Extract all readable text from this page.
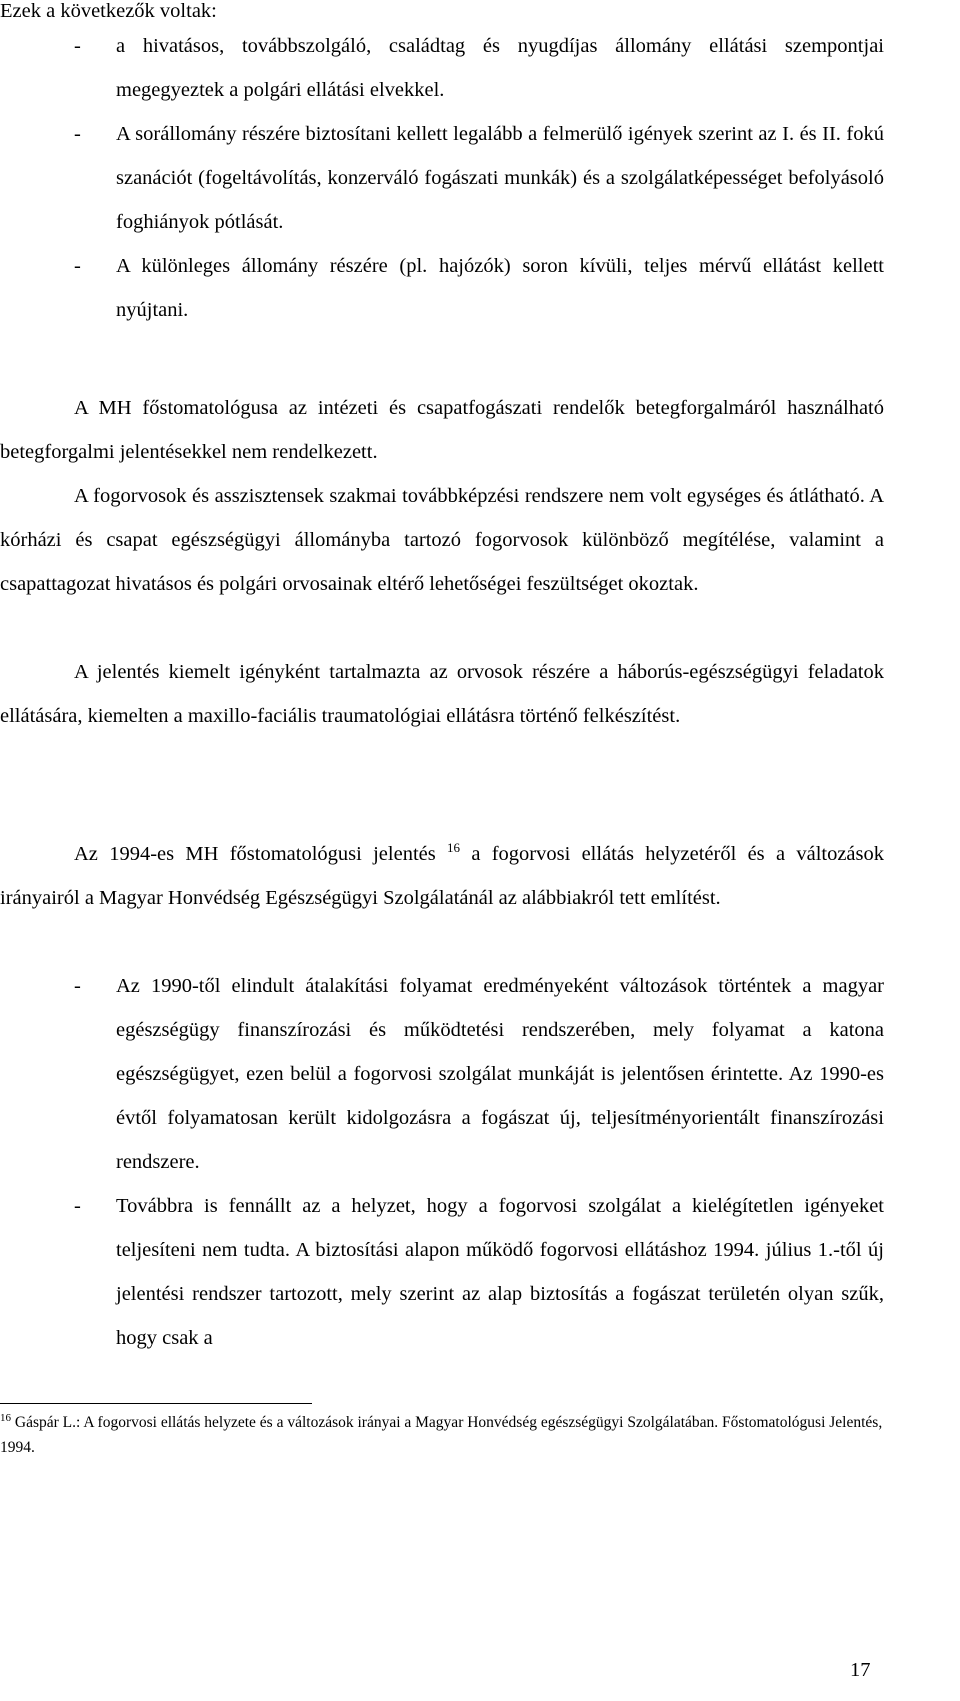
Ezek a következők voltak:
-	a hivatásos, továbbszolgáló, családtag és nyugdíjas állomány ellátási szempontjai megegyeztek a polgári ellátási elvekkel.
-	A sorállomány részére biztosítani kellett legalább a felmerülő igények szerint az I. és II. fokú szanációt (fogeltávolítás, konzerváló fogászati munkák) és a szolgálatképességet befolyásoló foghiányok pótlását.
-	A különleges állomány részére (pl. hajózók) soron kívüli, teljes mérvű ellátást kellett nyújtani.

A MH főstomatológusa az intézeti és csapatfogászati rendelők betegforgalmáról használható betegforgalmi jelentésekkel nem rendelkezett.

A fogorvosok és asszisztensek szakmai továbbképzési rendszere nem volt egységes és átlátható. A kórházi és csapat egészségügyi állományba tartozó fogorvosok különböző megítélése, valamint a csapattagozat hivatásos és polgári orvosainak eltérő lehetőségei feszültséget okoztak.

A jelentés kiemelt igényként tartalmazta az orvosok részére a háborús-egészségügyi feladatok ellátására, kiemelten a maxillo-faciális traumatológiai ellátásra történő felkészítést.

Az 1994-es MH főstomatológusi jelentés $^{16}$ a fogorvosi ellátás helyzetéről és a változások irányairól a Magyar Honvédség Egészségügyi Szolgálatánál az alábbiakról tett említést.

-	Az 1990-től elindult átalakítási folyamat eredményeként változások történtek a magyar egészségügy finanszírozási és működtetési rendszerében, mely folyamat a katona egészségügyet, ezen belül a fogorvosi szolgálat munkáját is jelentősen érintette. Az 1990-es évtől folyamatosan került kidolgozásra a fogászat új, teljesítményorientált finanszírozási rendszere.
-	Továbbra is fennállt az a helyzet, hogy a fogorvosi szolgálat a kielégítetlen igényeket teljesíteni nem tudta. A biztosítási alapon működő fogorvosi ellátáshoz 1994. július 1.-től új jelentési rendszer tartozott, mely szerint az alap biztosítás a fogászat területén olyan szűk, hogy csak a
$^{16}$ Gáspár L.: A fogorvosi ellátás helyzete és a változások irányai a Magyar Honvédség egészségügyi Szolgálatában. Főstomatológusi Jelentés, 1994.
17
